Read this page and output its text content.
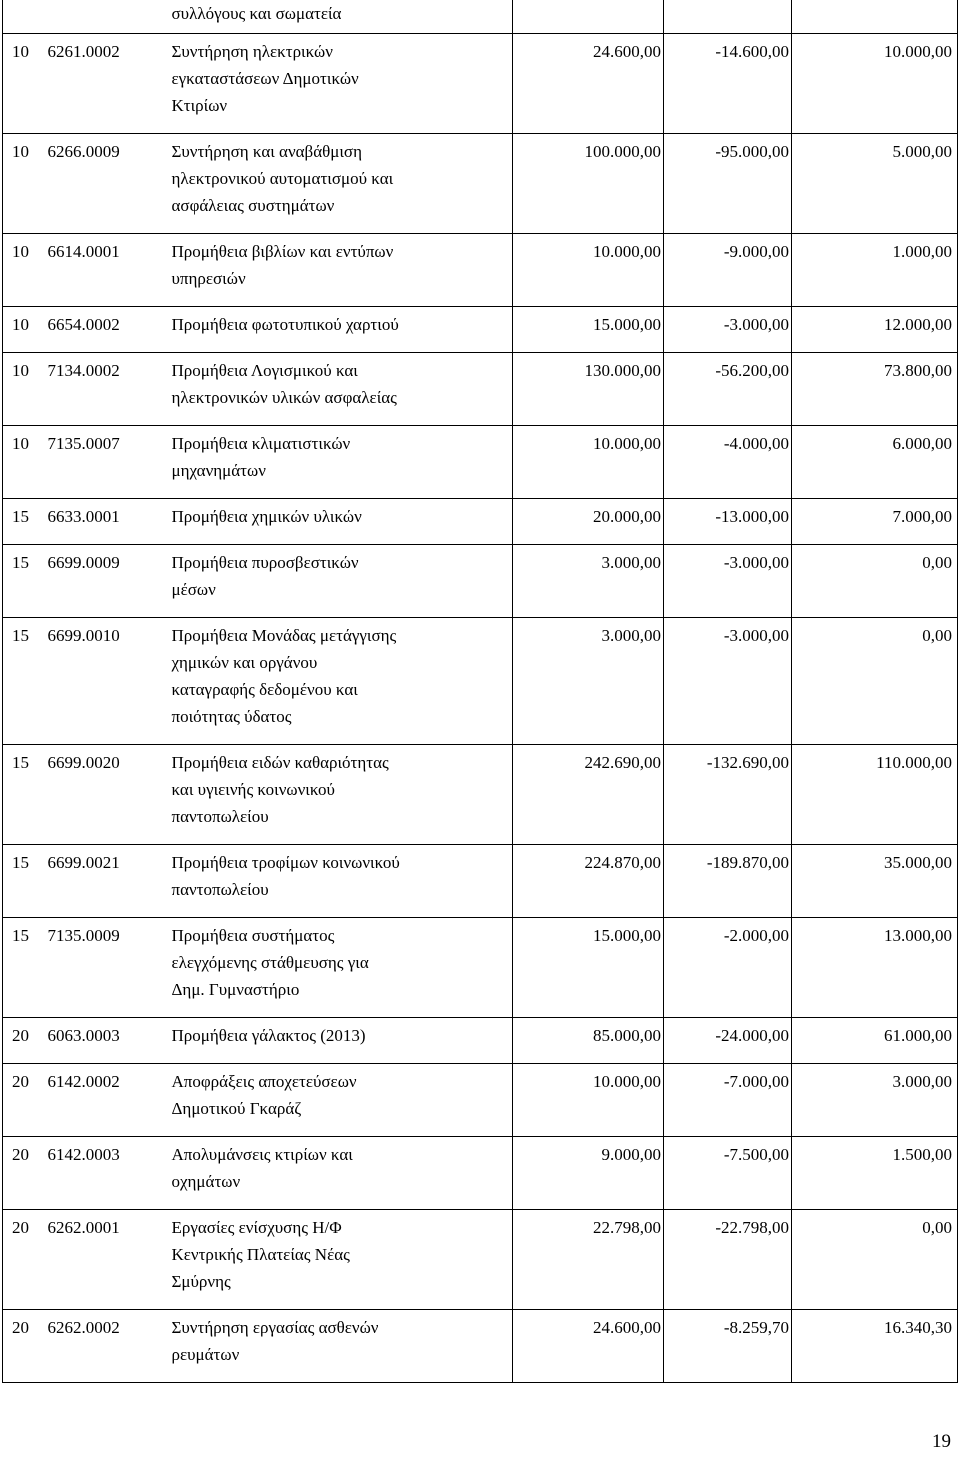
		συλλόγους και σωματεία			

10	6261.0002	Συντήρηση ηλεκτρικών
εγκαταστάσεων Δημοτικών
Κτιρίων	24.600,00	-14.600,00	10.000,00
10	6266.0009	Συντήρηση και αναβάθμιση
ηλεκτρονικού αυτοματισμού και
ασφάλειας συστημάτων	100.000,00	-95.000,00	5.000,00
10	6614.0001	Προμήθεια βιβλίων και εντύπων
υπηρεσιών	10.000,00	-9.000,00	1.000,00
10	6654.0002	Προμήθεια φωτοτυπικού χαρτιού	15.000,00	-3.000,00	12.000,00
10	7134.0002	Προμήθεια Λογισμικού και
ηλεκτρονικών υλικών ασφαλείας	130.000,00	-56.200,00	73.800,00
10	7135.0007	Προμήθεια κλιματιστικών
μηχανημάτων	10.000,00	-4.000,00	6.000,00
15	6633.0001	Προμήθεια χημικών υλικών	20.000,00	-13.000,00	7.000,00
15	6699.0009	Προμήθεια πυροσβεστικών
μέσων	3.000,00	-3.000,00	0,00
15	6699.0010	Προμήθεια Μονάδας μετάγγισης
χημικών και οργάνου
καταγραφής δεδομένου και
ποιότητας ύδατος	3.000,00	-3.000,00	0,00
15	6699.0020	Προμήθεια ειδών καθαριότητας
και υγιεινής κοινωνικού
παντοπωλείου	242.690,00	-132.690,00	110.000,00
15	6699.0021	Προμήθεια τροφίμων κοινωνικού
παντοπωλείου	224.870,00	-189.870,00	35.000,00
15	7135.0009	Προμήθεια συστήματος
ελεγχόμενης στάθμευσης για
Δημ. Γυμναστήριο	15.000,00	-2.000,00	13.000,00
20	6063.0003	Προμήθεια γάλακτος (2013)	85.000,00	-24.000,00	61.000,00
20	6142.0002	Αποφράξεις αποχετεύσεων
Δημοτικού Γκαράζ	10.000,00	-7.000,00	3.000,00
20	6142.0003	Απολυμάνσεις κτιρίων και
οχημάτων	9.000,00	-7.500,00	1.500,00
20	6262.0001	Εργασίες ενίσχυσης Η/Φ
Κεντρικής Πλατείας Νέας
Σμύρνης	22.798,00	-22.798,00	0,00
20	6262.0002	Συντήρηση εργασίας ασθενών
ρευμάτων	24.600,00	-8.259,70	16.340,30
19
